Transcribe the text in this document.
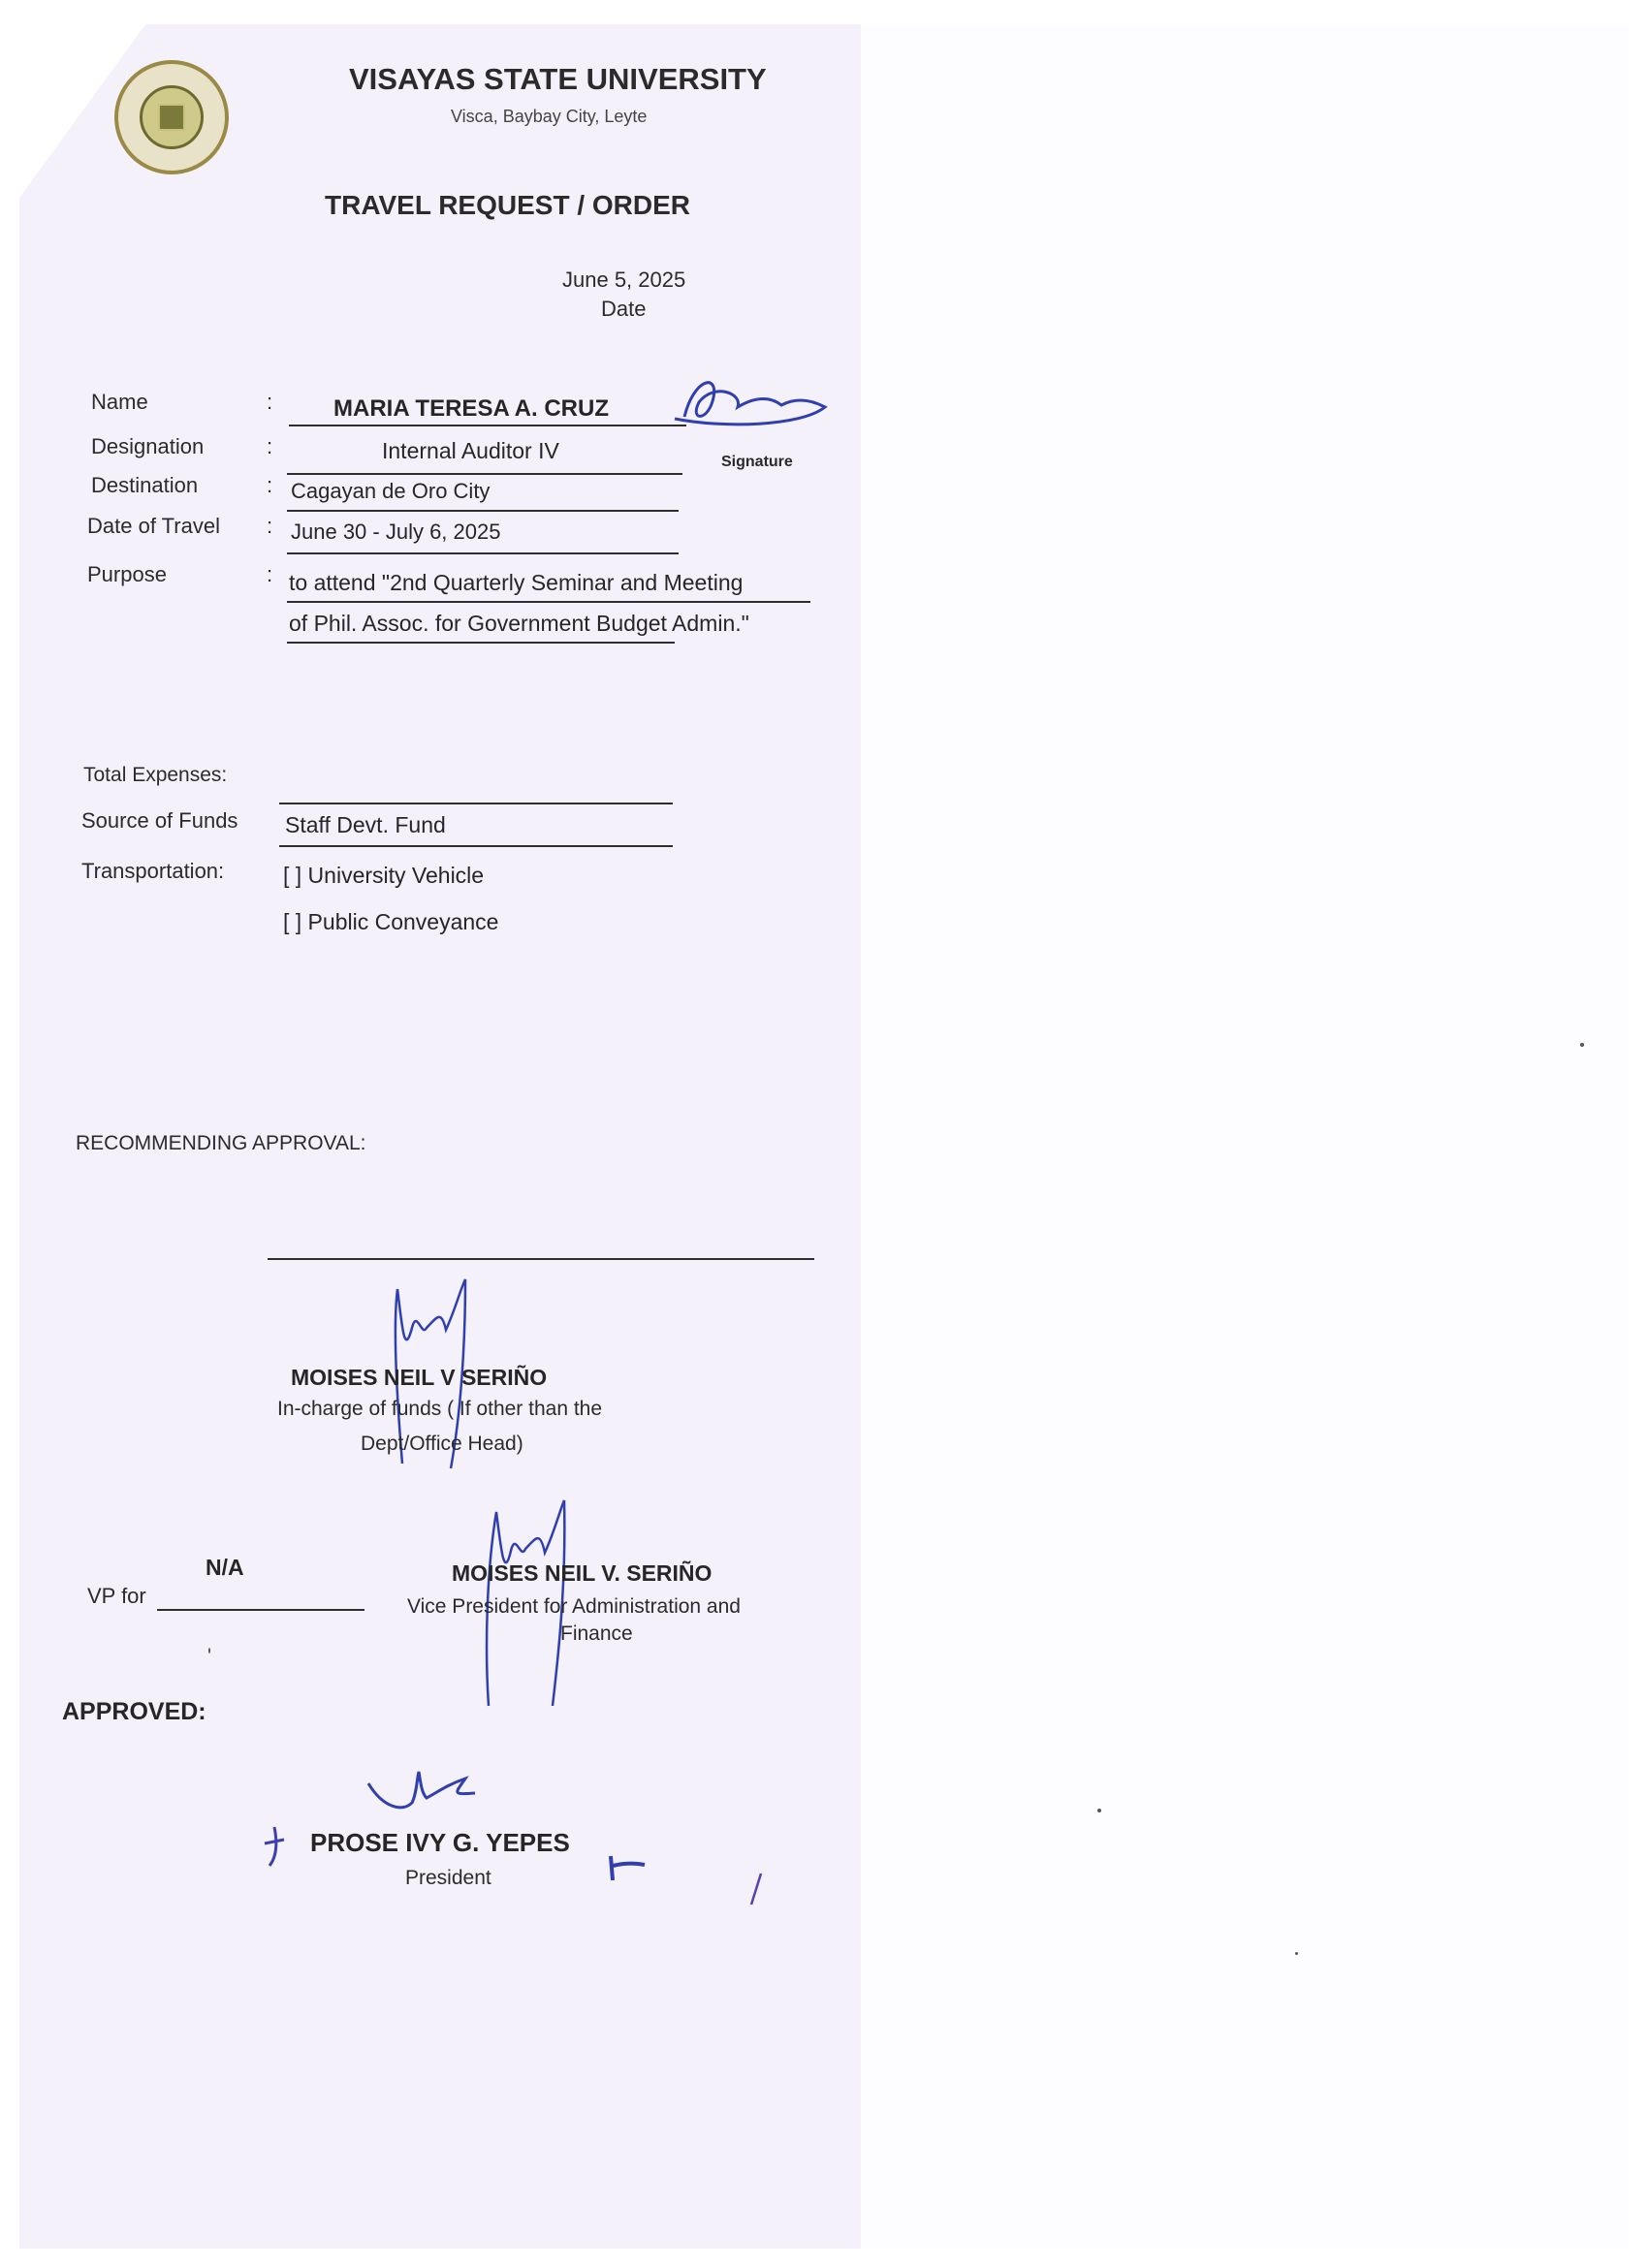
VISAYAS STATE UNIVERSITY
Visca, Baybay City, Leyte
TRAVEL REQUEST / ORDER
June 5, 2025
Date
Name	:	MARIA TERESA A. CRUZ
Signature
Designation	:	Internal Auditor IV
Destination	: Cagayan de Oro City
Date of Travel : June 30 - July 6, 2025
Purpose	: to attend "2nd Quarterly Seminar and Meeting
of Phil. Assoc. for Government Budget Admin."
Total Expenses:
Source of Funds Staff Devt. Fund
Transportation:	[ ] University Vehicle
[ ] Public Conveyance
RECOMMENDING APPROVAL:
MOISES NEIL V SERIÑO
In-charge of funds ( If other than the
Dept/Office Head)
N/A
VP for
MOISES NEIL V. SERIÑO
Vice President for Administration and
Finance
APPROVED:
PROSE IVY G. YEPES
President
